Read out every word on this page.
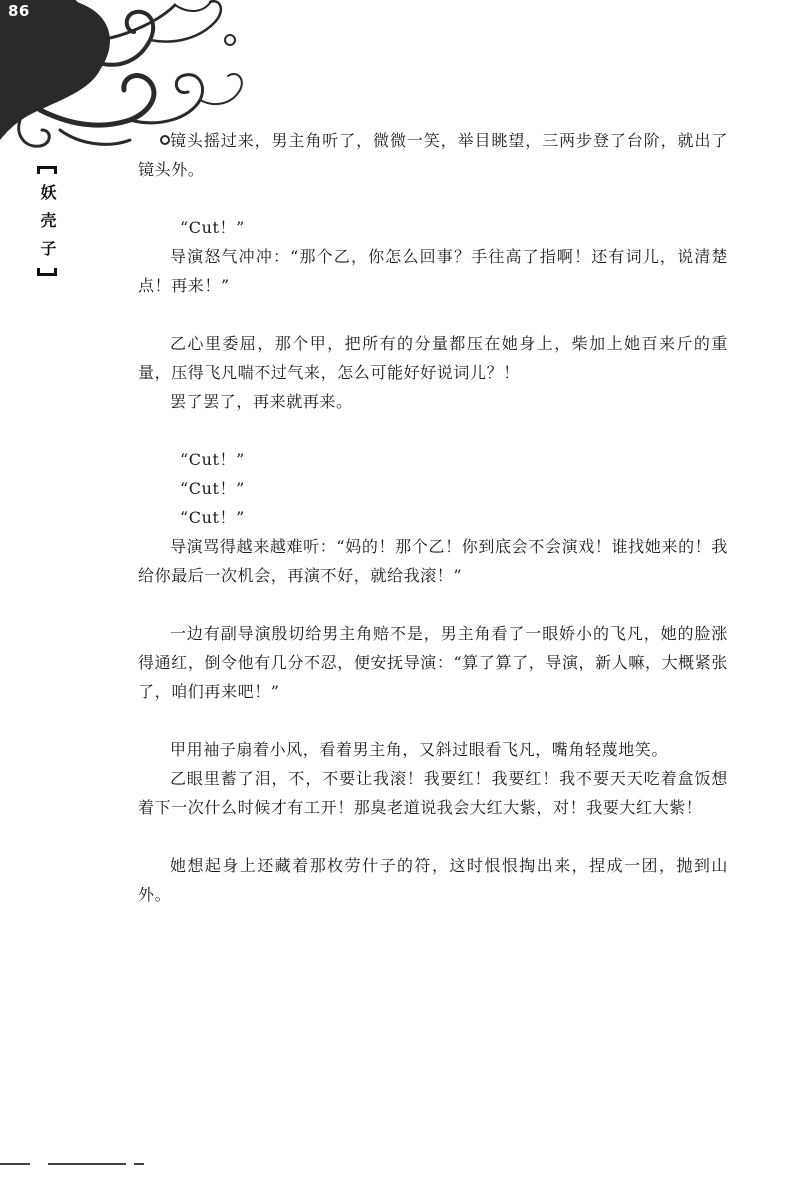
86
妖壳子

镜头摇过来，男主角听了，微微一笑，举目眺望，三两步登了台阶，就出了镜头外。

“Cut！”

导演怒气冲冲：“那个乙，你怎么回事？手往高了指啊！还有词儿，说清楚点！再来！”

乙心里委屈，那个甲，把所有的分量都压在她身上，柴加上她百来斤的重量，压得飞凡喘不过气来，怎么可能好好说词儿？！

罢了罢了，再来就再来。

“Cut！”

“Cut！”

“Cut！”

导演骂得越来越难听：“妈的！那个乙！你到底会不会演戏！谁找她来的！我给你最后一次机会，再演不好，就给我滚！”

一边有副导演殷切给男主角赔不是，男主角看了一眼娇小的飞凡，她的脸涨得通红，倒令他有几分不忍，便安抚导演：“算了算了，导演，新人嘛，大概紧张了，咱们再来吧！”

甲用袖子扇着小风，看着男主角，又斜过眼看飞凡，嘴角轻蔑地笑。

乙眼里蓄了泪，不，不要让我滚！我要红！我要红！我不要天天吃着盒饭想着下一次什么时候才有工开！那臭老道说我会大红大紫，对！我要大红大紫！

她想起身上还藏着那枚劳什子的符，这时恨恨掏出来，捏成一团，抛到山外。
